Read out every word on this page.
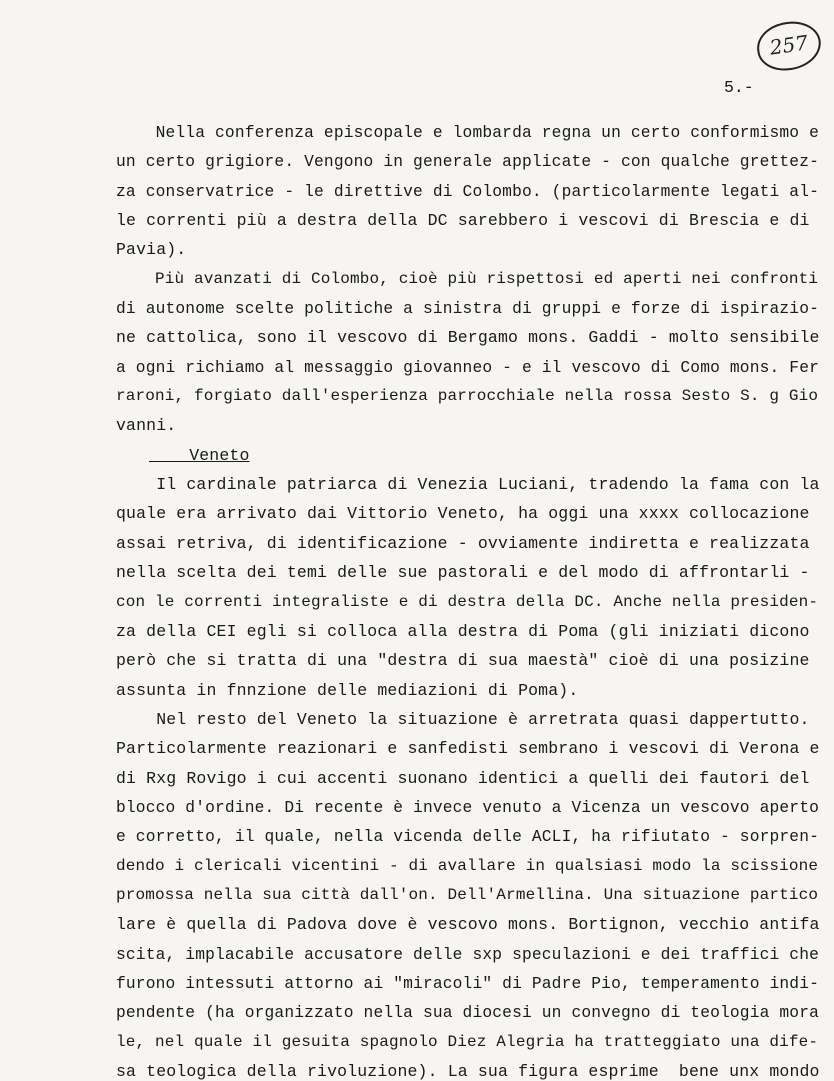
257
5.-
Nella conferenza episcopale e lombarda regna un certo conformismo e
un certo grigiore. Vengono in generale applicate - con qualche grettez-
za conservatrice - le direttive di Colombo. (particolarmente legati al-
le correnti più a destra della DC sarebbero i vescovi di Brescia e di
Pavia).
Più avanzati di Colombo, cioè più rispettosi ed aperti nei confronti
di autonome scelte politiche a sinistra di gruppi e forze di ispirazio-
ne cattolica, sono il vescovo di Bergamo mons. Gaddi - molto sensibile
a ogni richiamo al messaggio giovanneo - e il vescovo di Como mons. Fer
raroni, forgiato dall'esperienza parrocchiale nella rossa Sesto S. g Gio
vanni.
Veneto
Il cardinale patriarca di Venezia Luciani, tradendo la fama con la
quale era arrivato dai Vittorio Veneto, ha oggi una xxxx collocazione
assai retriva, di identificazione - ovviamente indiretta e realizzata
nella scelta dei temi delle sue pastorali e del modo di affrontarli -
con le correnti integraliste e di destra della DC. Anche nella presiden-
za della CEI egli si colloca alla destra di Poma (gli iniziati dicono
però che si tratta di una "destra di sua maestà" cioè di una posizine
assunta in fnnzione delle mediazioni di Poma).
Nel resto del Veneto la situazione è arretrata quasi dappertutto.
Particolarmente reazionari e sanfedisti sembrano i vescovi di Verona e
di Rxg Rovigo i cui accenti suonano identici a quelli dei fautori del
blocco d'ordine. Di recente è invece venuto a Vicenza un vescovo aperto
e corretto, il quale, nella vicenda delle ACLI, ha rifiutato - sorpren-
dendo i clericali vicentini - di avallare in qualsiasi modo la scissione
promossa nella sua città dall'on. Dell'Armellina. Una situazione partico
lare è quella di Padova dove è vescovo mons. Bortignon, vecchio antifa
scita, implacabile accusatore delle sxp speculazioni e dei traffici che
furono intessuti attorno ai "miracoli" di Padre Pio, temperamento indi-
pendente (ha organizzato nella sua diocesi un convegno di teologia mora
le, nel quale il gesuita spagnolo Diez Alegria ha tratteggiato una dife-
sa teologica della rivoluzione). La sua figura esprime  bene unx mondo
